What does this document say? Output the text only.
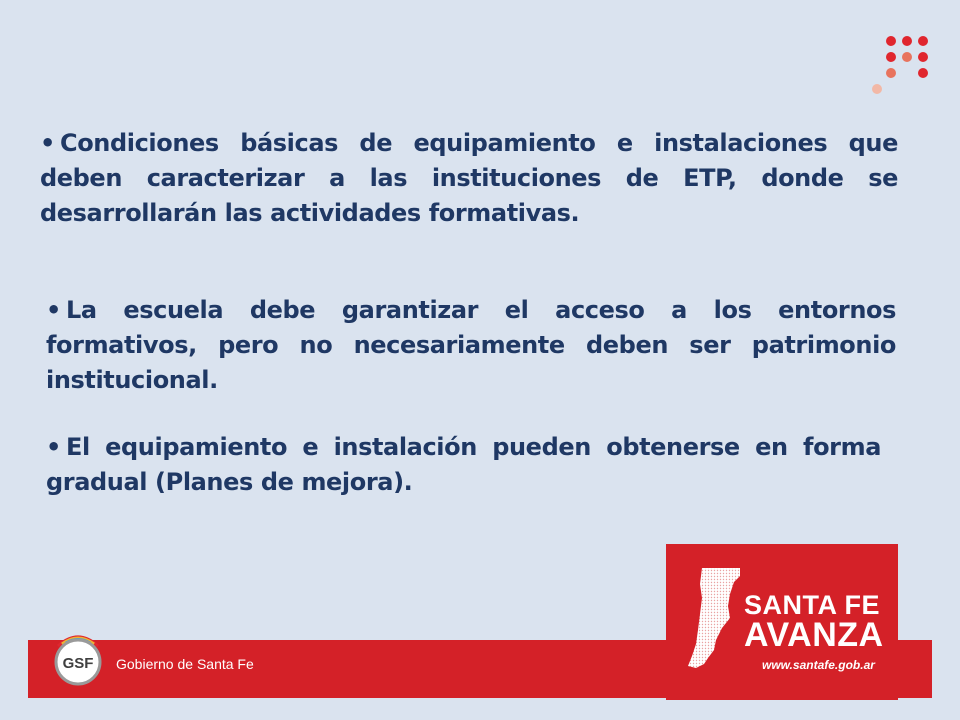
• Condiciones básicas de equipamiento e instalaciones que deben caracterizar a las instituciones de ETP, donde se desarrollarán las actividades formativas.
• La escuela debe garantizar el acceso a los entornos formativos, pero no necesariamente deben ser patrimonio institucional.
• El equipamiento e instalación pueden obtenerse en forma gradual (Planes de mejora).
GSF Gobierno de Santa Fe
SANTA FE
AVANZA
www.santafe.gob.ar
